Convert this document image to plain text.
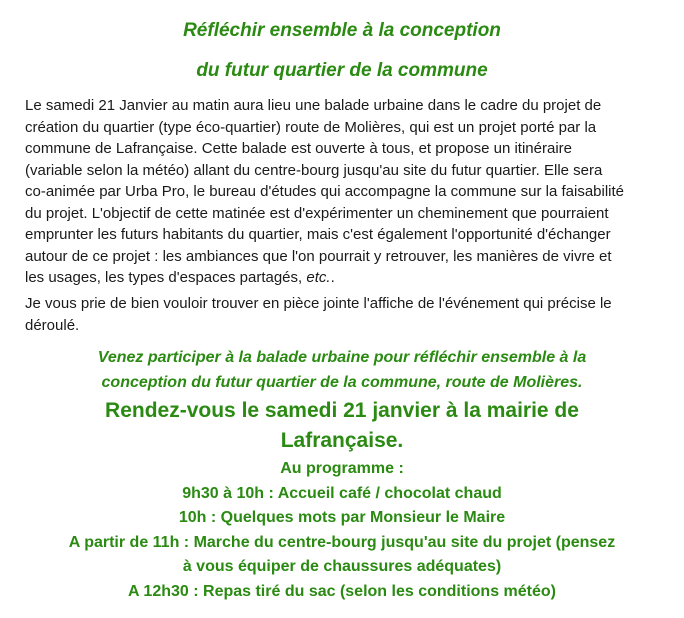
Réfléchir ensemble à la conception
du futur quartier de la commune
Le samedi 21 Janvier au matin aura lieu une balade urbaine dans le cadre du projet de
création du quartier (type éco-quartier) route de Molières, qui est un projet porté par la
commune de Lafrançaise. Cette balade est ouverte à tous, et propose un itinéraire
(variable selon la météo) allant du centre-bourg jusqu'au site du futur quartier. Elle sera
co-animée par Urba Pro, le bureau d'études qui accompagne la commune sur la faisabilité
du projet. L'objectif de cette matinée est d'expérimenter un cheminement que pourraient
emprunter les futurs habitants du quartier, mais c'est également l'opportunité d'échanger
autour de ce projet : les ambiances que l'on pourrait y retrouver, les manières de vivre et
les usages, les types d'espaces partagés, etc..
Je vous prie de bien vouloir trouver en pièce jointe l'affiche de l'événement qui précise le
déroulé.
Venez participer à la balade urbaine pour réfléchir ensemble à la
conception du futur quartier de la commune, route de Molières.
Rendez-vous le samedi 21 janvier à la mairie de
Lafrançaise.
Au programme :
9h30 à 10h : Accueil café / chocolat chaud
10h : Quelques mots par Monsieur le Maire
A partir de 11h : Marche du centre-bourg jusqu'au site du projet (pensez
à vous équiper de chaussures adéquates)
A 12h30 : Repas tiré du sac (selon les conditions météo)
